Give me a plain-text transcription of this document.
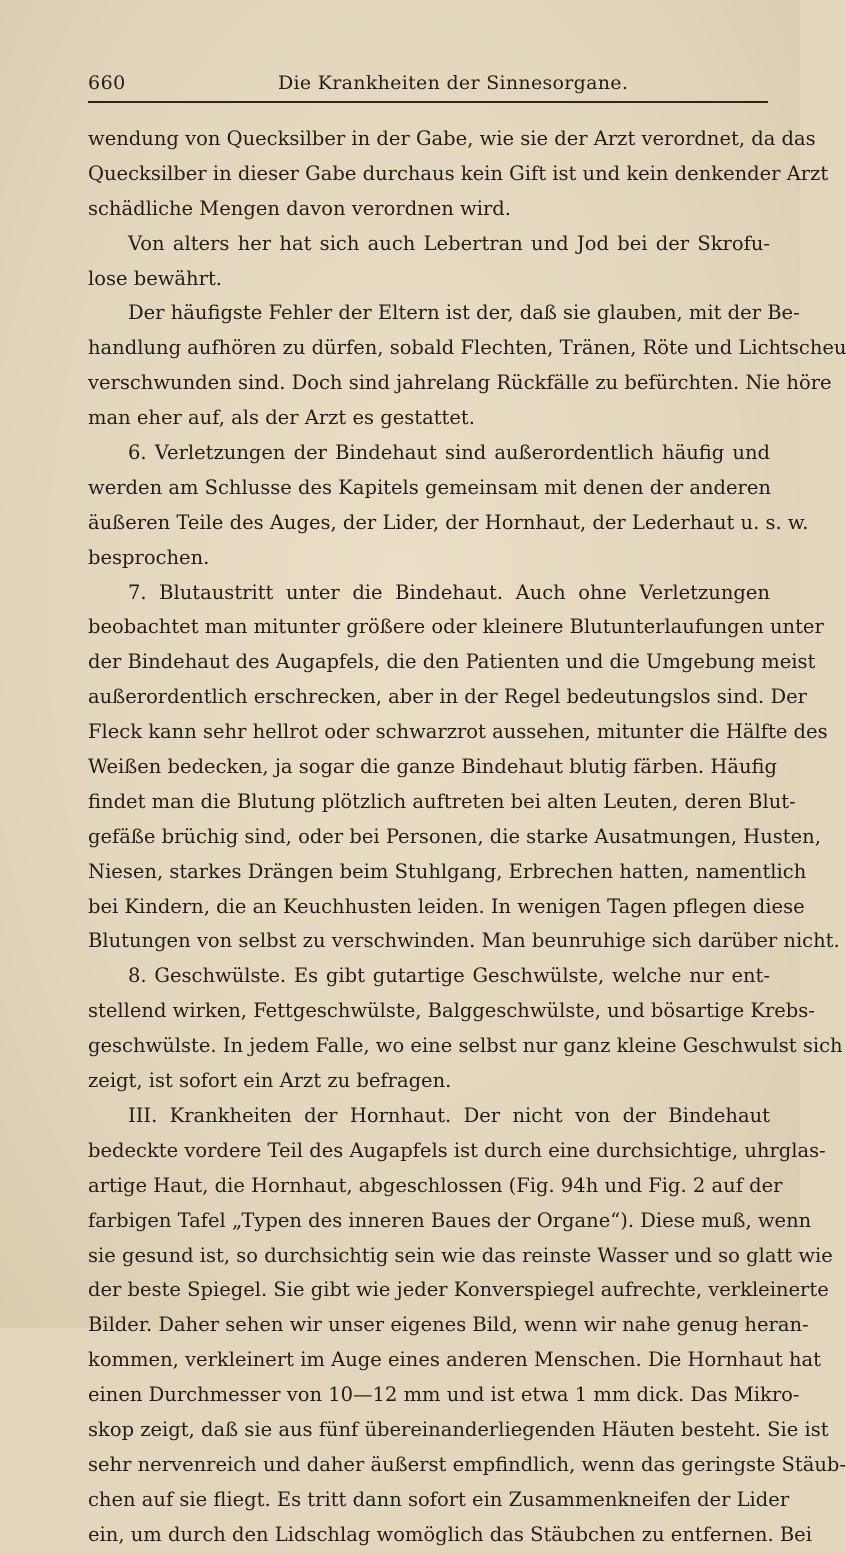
660	Die Krankheiten der Sinnesorgane.
wendung von Quecksilber in der Gabe, wie sie der Arzt verordnet, da das
Quecksilber in dieser Gabe durchaus kein Gift ist und kein denkender Arzt
schädliche Mengen davon verordnen wird.
Von alters her hat sich auch Lebertran und Jod bei der Skrofu-
lose bewährt.
Der häufigste Fehler der Eltern ist der, daß sie glauben, mit der Be-
handlung aufhören zu dürfen, sobald Flechten, Tränen, Röte und Lichtscheu
verschwunden sind. Doch sind jahrelang Rückfälle zu befürchten. Nie höre
man eher auf, als der Arzt es gestattet.
6. Verletzungen der Bindehaut sind außerordentlich häufig und
werden am Schlusse des Kapitels gemeinsam mit denen der anderen
äußeren Teile des Auges, der Lider, der Hornhaut, der Lederhaut u. s. w.
besprochen.
7. Blutaustritt unter die Bindehaut. Auch ohne Verletzungen
beobachtet man mitunter größere oder kleinere Blutunterlaufungen unter
der Bindehaut des Augapfels, die den Patienten und die Umgebung meist
außerordentlich erschrecken, aber in der Regel bedeutungslos sind. Der
Fleck kann sehr hellrot oder schwarzrot aussehen, mitunter die Hälfte des
Weißen bedecken, ja sogar die ganze Bindehaut blutig färben. Häufig
findet man die Blutung plötzlich auftreten bei alten Leuten, deren Blut-
gefäße brüchig sind, oder bei Personen, die starke Ausatmungen, Husten,
Niesen, starkes Drängen beim Stuhlgang, Erbrechen hatten, namentlich
bei Kindern, die an Keuchhusten leiden. In wenigen Tagen pflegen diese
Blutungen von selbst zu verschwinden. Man beunruhige sich darüber nicht.
8. Geschwülste. Es gibt gutartige Geschwülste, welche nur ent-
stellend wirken, Fettgeschwülste, Balggeschwülste, und bösartige Krebs-
geschwülste. In jedem Falle, wo eine selbst nur ganz kleine Geschwulst sich
zeigt, ist sofort ein Arzt zu befragen.
III. Krankheiten der Hornhaut. Der nicht von der Bindehaut
bedeckte vordere Teil des Augapfels ist durch eine durchsichtige, uhrglas-
artige Haut, die Hornhaut, abgeschlossen (Fig. 94h und Fig. 2 auf der
farbigen Tafel „Typen des inneren Baues der Organe“). Diese muß, wenn
sie gesund ist, so durchsichtig sein wie das reinste Wasser und so glatt wie
der beste Spiegel. Sie gibt wie jeder Konverspiegel aufrechte, verkleinerte
Bilder. Daher sehen wir unser eigenes Bild, wenn wir nahe genug heran-
kommen, verkleinert im Auge eines anderen Menschen. Die Hornhaut hat
einen Durchmesser von 10—12 mm und ist etwa 1 mm dick. Das Mikro-
skop zeigt, daß sie aus fünf übereinanderliegenden Häuten besteht. Sie ist
sehr nervenreich und daher äußerst empfindlich, wenn das geringste Stäub-
chen auf sie fliegt. Es tritt dann sofort ein Zusammenkneifen der Lider
ein, um durch den Lidschlag womöglich das Stäubchen zu entfernen. Bei
